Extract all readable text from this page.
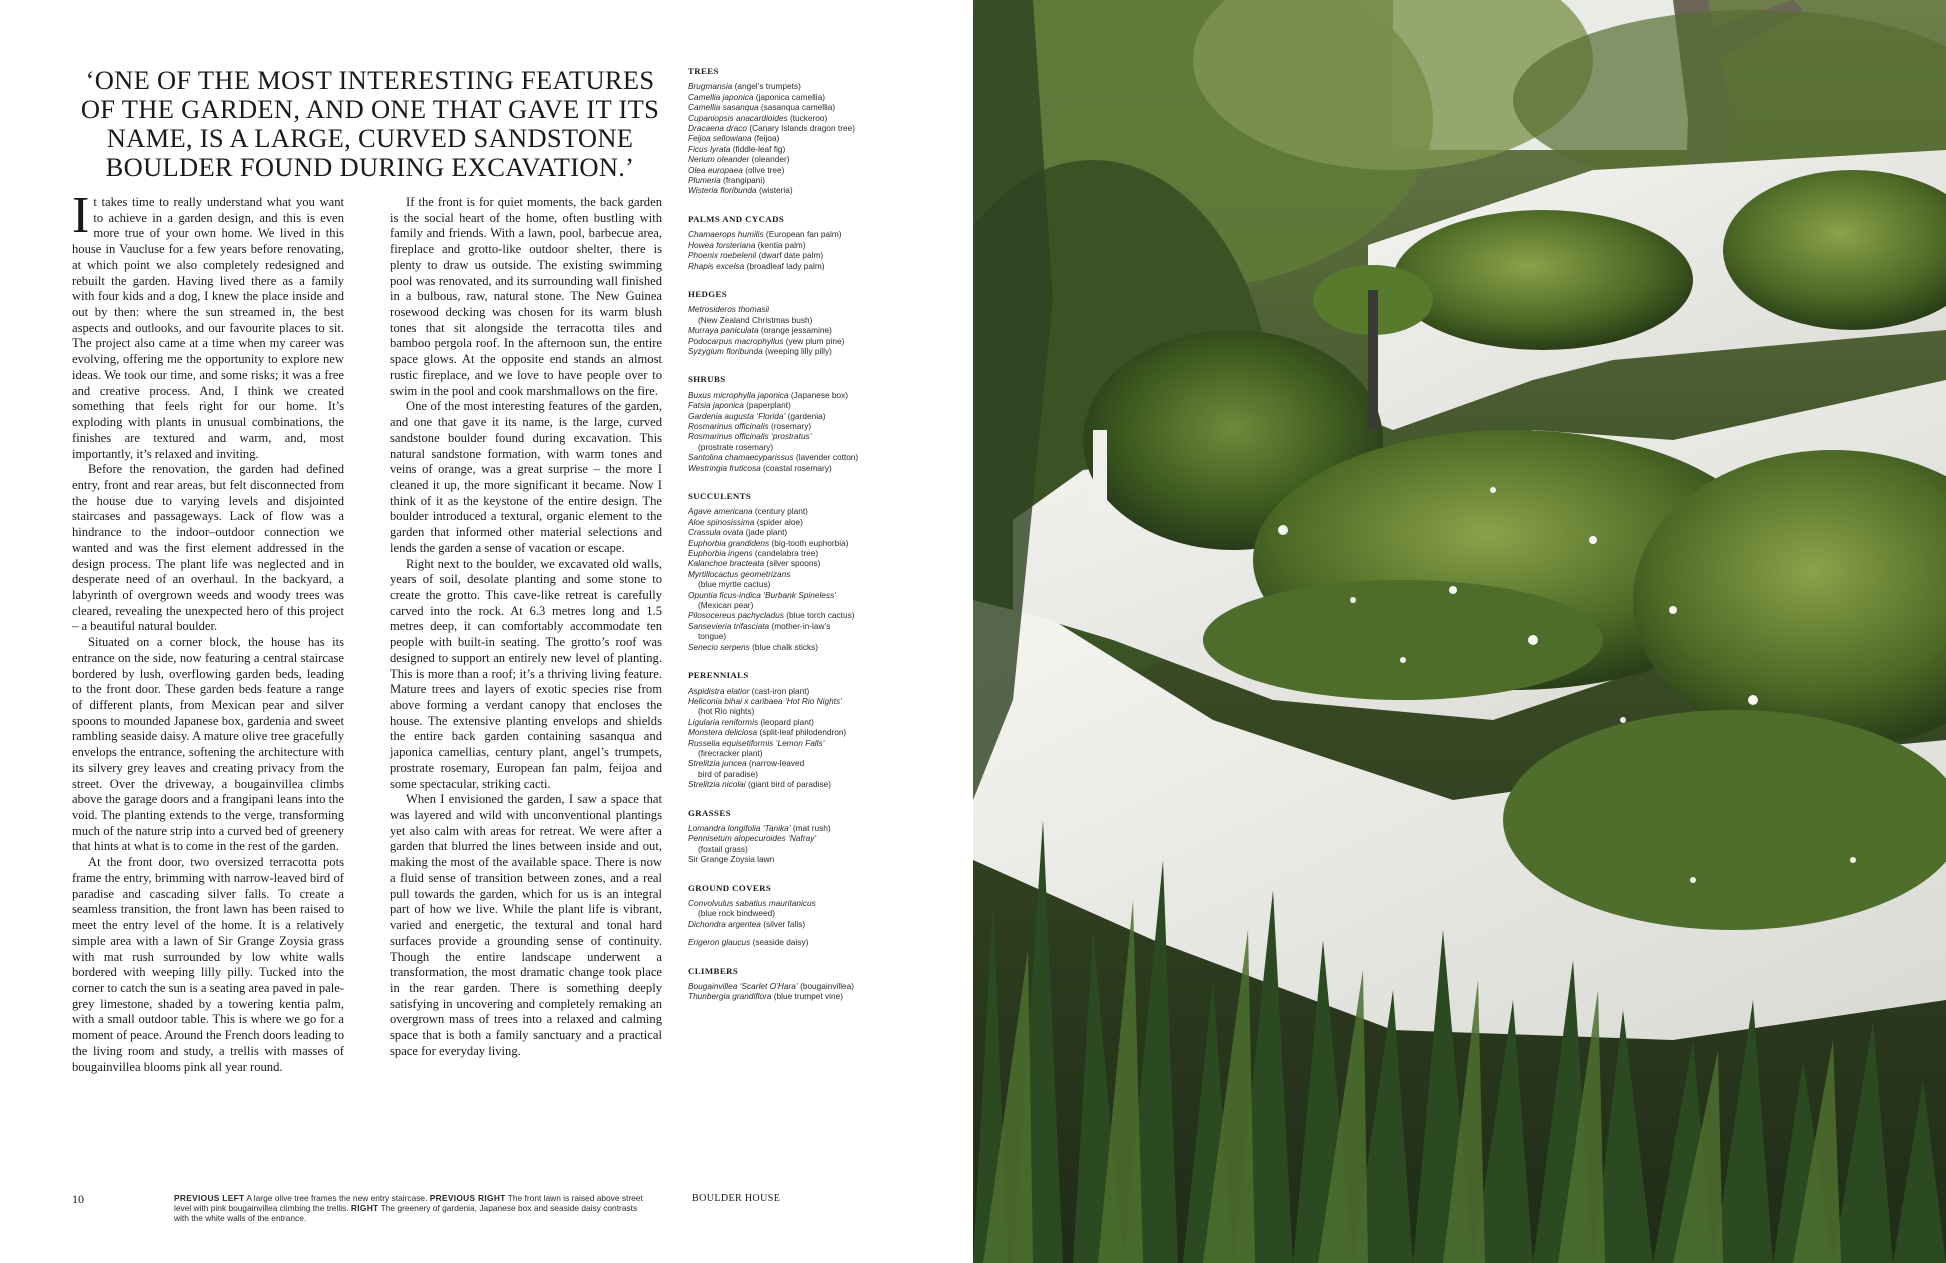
‘ONE OF THE MOST INTERESTING FEATURES OF THE GARDEN, AND ONE THAT GAVE IT ITS NAME, IS A LARGE, CURVED SANDSTONE BOULDER FOUND DURING EXCAVATION.’

It takes time to really understand what you want to achieve in a garden design, and this is even more true of your own home. We lived in this house in Vaucluse for a few years before renovating, at which point we also completely redesigned and rebuilt the garden. Having lived there as a family with four kids and a dog, I knew the place inside and out by then: where the sun streamed in, the best aspects and outlooks, and our favourite places to sit. The project also came at a time when my career was evolving, offering me the opportunity to explore new ideas. We took our time, and some risks; it was a free and creative process. And, I think we created something that feels right for our home. It’s exploding with plants in unusual combinations, the finishes are textured and warm, and, most importantly, it’s relaxed and inviting.

Before the renovation, the garden had defined entry, front and rear areas, but felt disconnected from the house due to varying levels and disjointed staircases and passageways. Lack of flow was a hindrance to the indoor–outdoor connection we wanted and was the first element addressed in the design process. The plant life was neglected and in desperate need of an overhaul. In the backyard, a labyrinth of overgrown weeds and woody trees was cleared, revealing the unexpected hero of this project – a beautiful natural boulder.

Situated on a corner block, the house has its entrance on the side, now featuring a central staircase bordered by lush, overflowing garden beds, leading to the front door. These garden beds feature a range of different plants, from Mexican pear and silver spoons to mounded Japanese box, gardenia and sweet rambling seaside daisy. A mature olive tree gracefully envelops the entrance, softening the architecture with its silvery grey leaves and creating privacy from the street. Over the driveway, a bougainvillea climbs above the garage doors and a frangipani leans into the void. The planting extends to the verge, transforming much of the nature strip into a curved bed of greenery that hints at what is to come in the rest of the garden.

At the front door, two oversized terracotta pots frame the entry, brimming with narrow-leaved bird of paradise and cascading silver falls. To create a seamless transition, the front lawn has been raised to meet the entry level of the home. It is a relatively simple area with a lawn of Sir Grange Zoysia grass with mat rush surrounded by low white walls bordered with weeping lilly pilly. Tucked into the corner to catch the sun is a seating area paved in pale-grey limestone, shaded by a towering kentia palm, with a small outdoor table. This is where we go for a moment of peace. Around the French doors leading to the living room and study, a trellis with masses of bougainvillea blooms pink all year round.

If the front is for quiet moments, the back garden is the social heart of the home, often bustling with family and friends. With a lawn, pool, barbecue area, fireplace and grotto-like outdoor shelter, there is plenty to draw us outside. The existing swimming pool was renovated, and its surrounding wall finished in a bulbous, raw, natural stone. The New Guinea rosewood decking was chosen for its warm blush tones that sit alongside the terracotta tiles and bamboo pergola roof. In the afternoon sun, the entire space glows. At the opposite end stands an almost rustic fireplace, and we love to have people over to swim in the pool and cook marshmallows on the fire.

One of the most interesting features of the garden, and one that gave it its name, is the large, curved sandstone boulder found during excavation. This natural sandstone formation, with warm tones and veins of orange, was a great surprise – the more I cleaned it up, the more significant it became. Now I think of it as the keystone of the entire design. The boulder introduced a textural, organic element to the garden that informed other material selections and lends the garden a sense of vacation or escape.

Right next to the boulder, we excavated old walls, years of soil, desolate planting and some stone to create the grotto. This cave-like retreat is carefully carved into the rock. At 6.3 metres long and 1.5 metres deep, it can comfortably accommodate ten people with built-in seating. The grotto’s roof was designed to support an entirely new level of planting. This is more than a roof; it’s a thriving living feature. Mature trees and layers of exotic species rise from above forming a verdant canopy that encloses the house. The extensive planting envelops and shields the entire back garden containing sasanqua and japonica camellias, century plant, angel’s trumpets, prostrate rosemary, European fan palm, feijoa and some spectacular, striking cacti.

When I envisioned the garden, I saw a space that was layered and wild with unconventional plantings yet also calm with areas for retreat. We were after a garden that blurred the lines between inside and out, making the most of the available space. There is now a fluid sense of transition between zones, and a real pull towards the garden, which for us is an integral part of how we live. While the plant life is vibrant, varied and energetic, the textural and tonal hard surfaces provide a grounding sense of continuity. Though the entire landscape underwent a transformation, the most dramatic change took place in the rear garden. There is something deeply satisfying in uncovering and completely remaking an overgrown mass of trees into a relaxed and calming space that is both a family sanctuary and a practical space for everyday living.

TREES
Brugmansia (angel’s trumpets)
Camellia japonica (japonica camellia)
Camellia sasanqua (sasanqua camellia)
Cupaniopsis anacardioides (tuckeroo)
Dracaena draco (Canary Islands dragon tree)
Feijoa sellowiana (feijoa)
Ficus lyrata (fiddle-leaf fig)
Nerium oleander (oleander)
Olea europaea (olive tree)
Plumeria (frangipani)
Wisteria floribunda (wisteria)
PALMS AND CYCADS
Chamaerops humilis (European fan palm)
Howea forsteriana (kentia palm)
Phoenix roebelenii (dwarf date palm)
Rhapis excelsa (broadleaf lady palm)
HEDGES
Metrosideros thomasii
(New Zealand Christmas bush)
Murraya paniculata (orange jessamine)
Podocarpus macrophyllus (yew plum pine)
Syzygium floribunda (weeping lilly pilly)
SHRUBS
Buxus microphylla japonica (Japanese box)
Fatsia japonica (paperplant)
Gardenia augusta ‘Florida’ (gardenia)
Rosmarinus officinalis (rosemary)
Rosmarinus officinalis ‘prostratus’
(prostrate rosemary)
Santolina chamaecyparissus (lavender cotton)
Westringia fruticosa (coastal rosemary)
SUCCULENTS
Agave americana (century plant)
Aloe spinosissima (spider aloe)
Crassula ovata (jade plant)
Euphorbia grandidens (big-tooth euphorbia)
Euphorbia ingens (candelabra tree)
Kalanchoe bracteata (silver spoons)
Myrtillocactus geometrizans
(blue myrtle cactus)
Opuntia ficus-indica ‘Burbank Spineless’
(Mexican pear)
Pilosocereus pachycladus (blue torch cactus)
Sansevieria trifasciata (mother-in-law’s
tongue)
Senecio serpens (blue chalk sticks)
PERENNIALS
Aspidistra elatior (cast-iron plant)
Heliconia bihai x caribaea ‘Hot Rio Nights’
(hot Rio nights)
Ligularia reniformis (leopard plant)
Monstera deliciosa (split-leaf philodendron)
Russelia equisetiformis ‘Lemon Falls’
(firecracker plant)
Strelitzia juncea (narrow-leaved
bird of paradise)
Strelitzia nicolai (giant bird of paradise)
GRASSES
Lomandra longifolia ‘Tanika’ (mat rush)
Pennisetum alopecuroides ‘Nafray’
(foxtail grass)
Sir Grange Zoysia lawn
GROUND COVERS
Convolvulus sabatius mauritanicus
(blue rock bindweed)
Dichondra argentea (silver falls)
Erigeron glaucus (seaside daisy)
CLIMBERS
Bougainvillea ‘Scarlet O’Hara’ (bougainvillea)
Thunbergia grandiflora (blue trumpet vine)
10	PREVIOUS LEFT A large olive tree frames the new entry staircase. PREVIOUS RIGHT The front lawn is raised above street level with pink bougainvillea climbing the trellis. RIGHT The greenery of gardenia, Japanese box and seaside daisy contrasts with the white walls of the entrance.
BOULDER HOUSE
